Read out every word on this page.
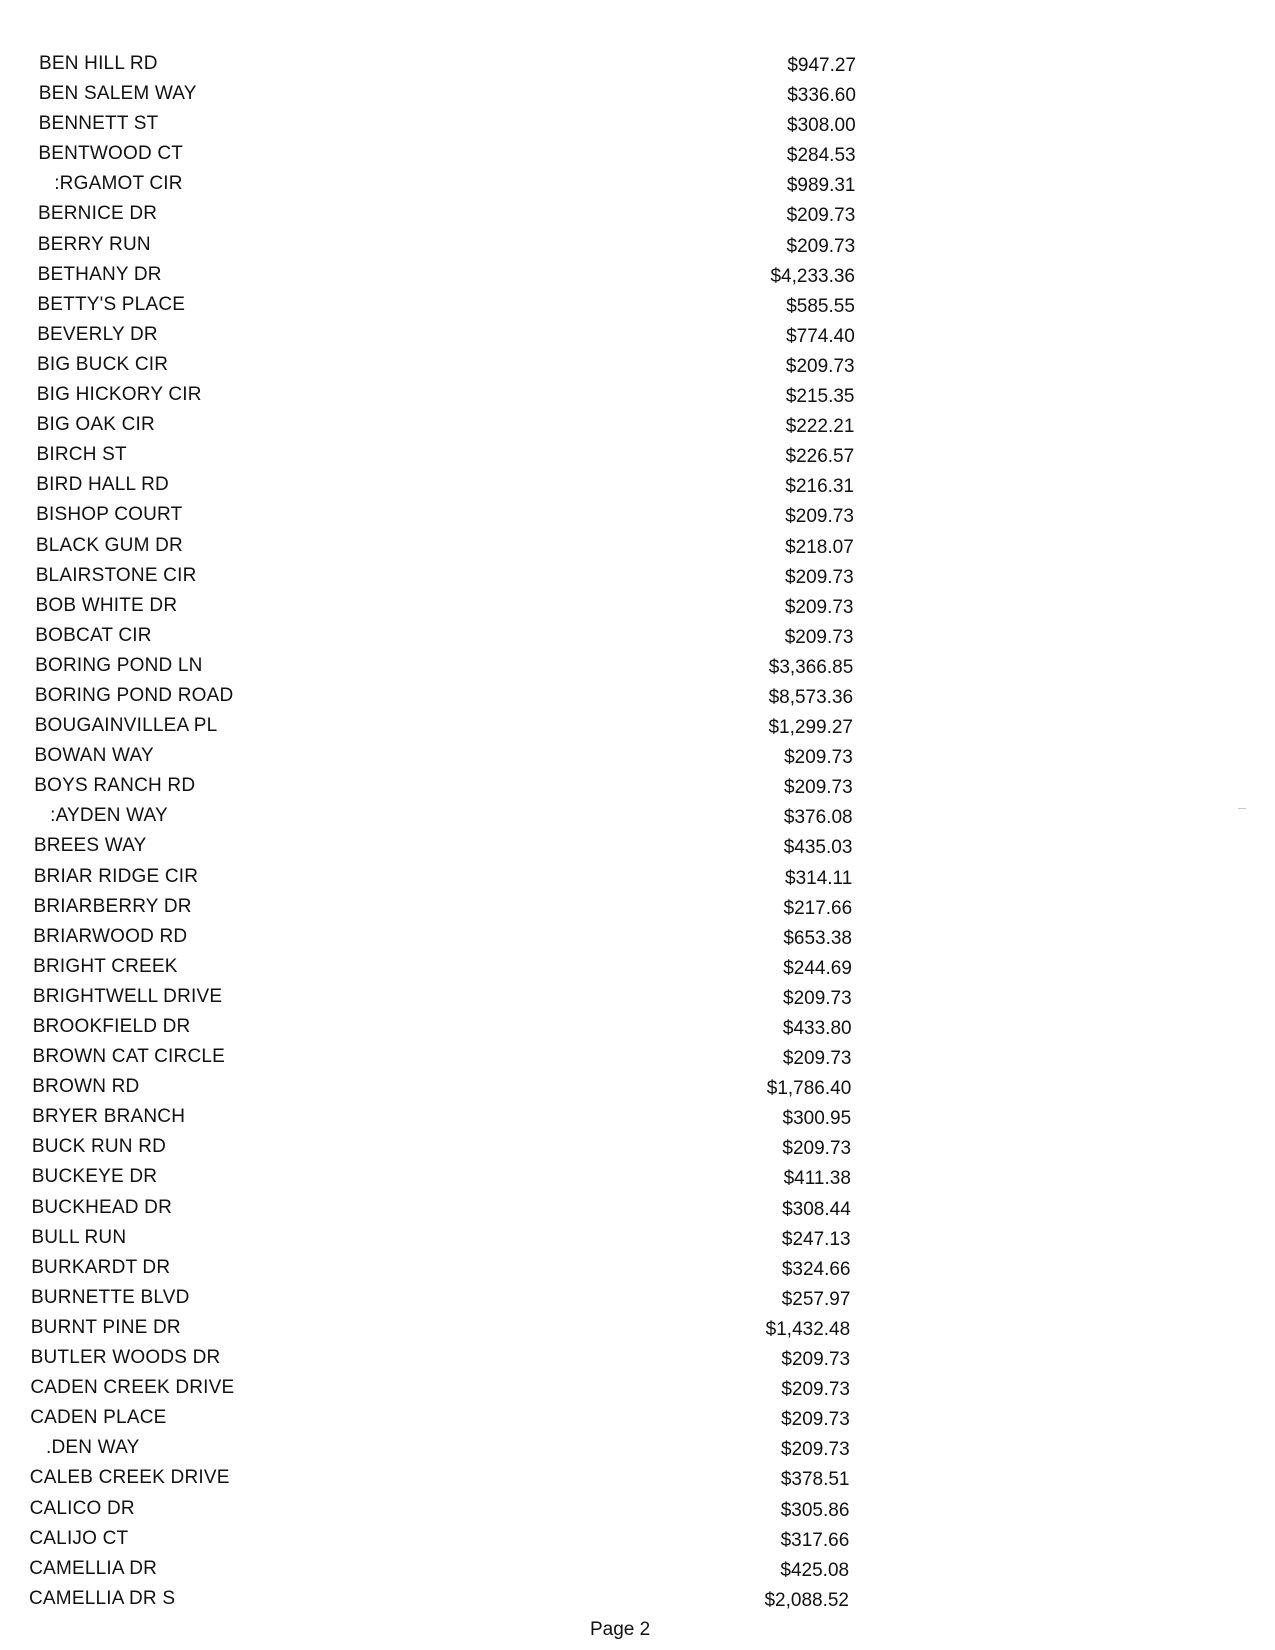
BEN HILL RD	$947.27
BEN SALEM WAY	$336.60
BENNETT ST	$308.00
BENTWOOD CT	$284.53
:RGAMOT CIR	$989.31
BERNICE DR	$209.73
BERRY RUN	$209.73
BETHANY DR	$4,233.36
BETTY'S PLACE	$585.55
BEVERLY DR	$774.40
BIG BUCK CIR	$209.73
BIG HICKORY CIR	$215.35
BIG OAK CIR	$222.21
BIRCH ST	$226.57
BIRD HALL RD	$216.31
BISHOP COURT	$209.73
BLACK GUM DR	$218.07
BLAIRSTONE CIR	$209.73
BOB WHITE DR	$209.73
BOBCAT CIR	$209.73
BORING POND LN	$3,366.85
BORING POND ROAD	$8,573.36
BOUGAINVILLEA PL	$1,299.27
BOWAN WAY	$209.73
BOYS RANCH RD	$209.73
:AYDEN WAY	$376.08
BREES WAY	$435.03
BRIAR RIDGE CIR	$314.11
BRIARBERRY DR	$217.66
BRIARWOOD RD	$653.38
BRIGHT CREEK	$244.69
BRIGHTWELL DRIVE	$209.73
BROOKFIELD DR	$433.80
BROWN CAT CIRCLE	$209.73
BROWN RD	$1,786.40
BRYER BRANCH	$300.95
BUCK RUN RD	$209.73
BUCKEYE DR	$411.38
BUCKHEAD DR	$308.44
BULL RUN	$247.13
BURKARDT DR	$324.66
BURNETTE BLVD	$257.97
BURNT PINE DR	$1,432.48
BUTLER WOODS DR	$209.73
CADEN CREEK DRIVE	$209.73
CADEN PLACE	$209.73
.DEN WAY	$209.73
CALEB CREEK DRIVE	$378.51
CALICO DR	$305.86
CALIJO CT	$317.66
CAMELLIA DR	$425.08
CAMELLIA DR S	$2,088.52
Page 2
